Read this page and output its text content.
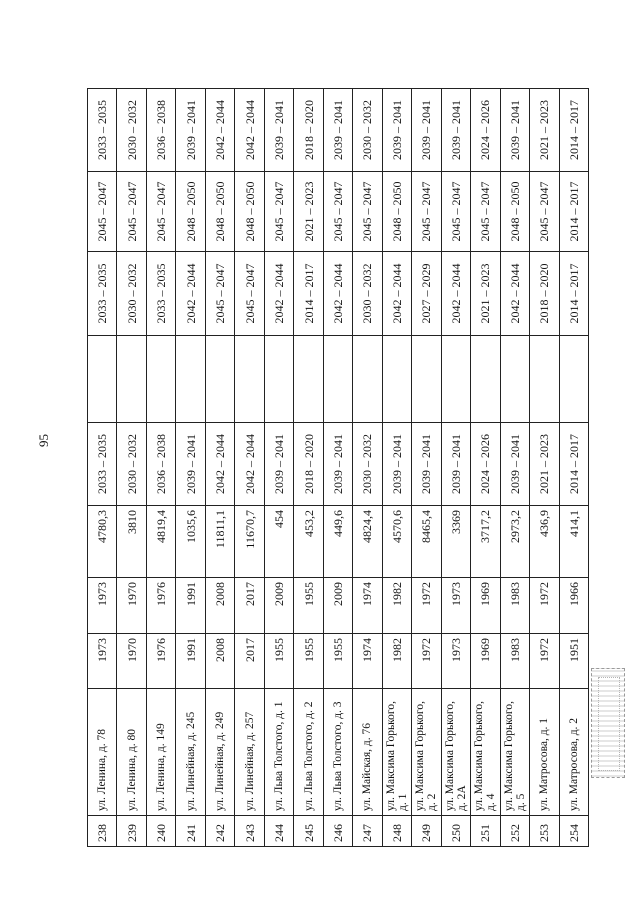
95
238	ул. Ленина, д. 78	1973	1973	4780,3	2033 – 2035		2033 – 2035	2045 – 2047	2033 – 2035
239	ул. Ленина, д. 80	1970	1970	3810	2030 – 2032		2030 – 2032	2045 – 2047	2030 – 2032
240	ул. Ленина, д. 149	1976	1976	4819,4	2036 – 2038		2033 – 2035	2045 – 2047	2036 – 2038
241	ул. Линейная, д. 245	1991	1991	1035,6	2039 – 2041		2042 – 2044	2048 – 2050	2039 – 2041
242	ул. Линейная, д. 249	2008	2008	11811,1	2042 – 2044		2045 – 2047	2048 – 2050	2042 – 2044
243	ул. Линейная, д. 257	2017	2017	11670,7	2042 – 2044		2045 – 2047	2048 – 2050	2042 – 2044
244	ул. Льва Толстого, д. 1	1955	2009	454	2039 – 2041		2042 – 2044	2045 – 2047	2039 – 2041
245	ул. Льва Толстого, д. 2	1955	1955	453,2	2018 – 2020		2014 – 2017	2021 – 2023	2018 – 2020
246	ул. Льва Толстого, д. 3	1955	2009	449,6	2039 – 2041		2042 – 2044	2045 – 2047	2039 – 2041
247	ул. Майская, д. 76	1974	1974	4824,4	2030 – 2032		2030 – 2032	2045 – 2047	2030 – 2032
248	ул. Максима Горького, д. 1	1982	1982	4570,6	2039 – 2041		2042 – 2044	2048 – 2050	2039 – 2041
249	ул. Максима Горького, д. 2	1972	1972	8465,4	2039 – 2041		2027 – 2029	2045 – 2047	2039 – 2041
250	ул. Максима Горького, д. 2А	1973	1973	3369	2039 – 2041		2042 – 2044	2045 – 2047	2039 – 2041
251	ул. Максима Горького, д. 4	1969	1969	3717,2	2024 – 2026		2021 – 2023	2045 – 2047	2024 – 2026
252	ул. Максима Горького, д. 5	1983	1983	2973,2	2039 – 2041		2042 – 2044	2048 – 2050	2039 – 2041
253	ул. Матросова, д. 1	1972	1972	436,9	2021 – 2023		2018 – 2020	2045 – 2047	2021 – 2023
254	ул. Матросова, д. 2	1951	1966	414,1	2014 – 2017		2014 – 2017	2014 – 2017	2014 – 2017
